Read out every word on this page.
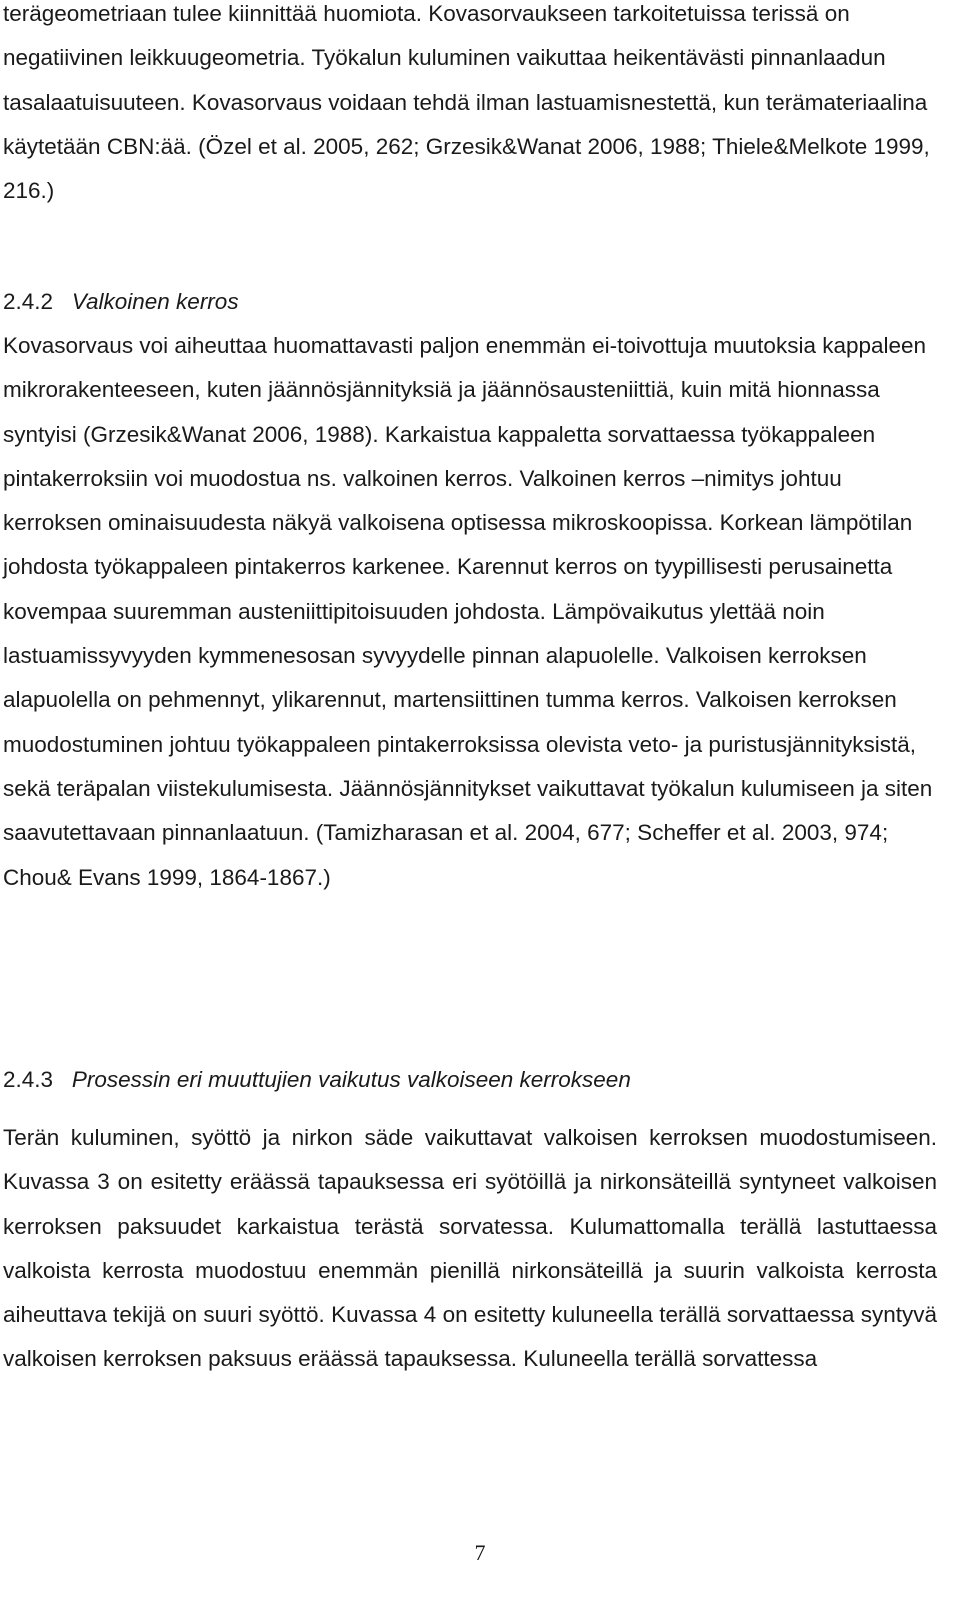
terägeometriaan tulee kiinnittää huomiota. Kovasorvaukseen tarkoitetuissa terissä on negatiivinen leikkuugeometria. Työkalun kuluminen vaikuttaa heikentävästi pinnanlaadun tasalaatuisuuteen. Kovasorvaus voidaan tehdä ilman lastuamisnestettä, kun terämateriaalina käytetään CBN:ää. (Özel et al. 2005, 262; Grzesik&Wanat 2006, 1988; Thiele&Melkote 1999, 216.)

2.4.2 Valkoinen kerros

Kovasorvaus voi aiheuttaa huomattavasti paljon enemmän ei-toivottuja muutoksia kappaleen mikrorakenteeseen, kuten jäännösjännityksiä ja jäännösausteniittiä, kuin mitä hionnassa syntyisi (Grzesik&Wanat 2006, 1988). Karkaistua kappaletta sorvattaessa työkappaleen pintakerroksiin voi muodostua ns. valkoinen kerros. Valkoinen kerros –nimitys johtuu kerroksen ominaisuudesta näkyä valkoisena optisessa mikroskoopissa. Korkean lämpötilan johdosta työkappaleen pintakerros karkenee. Karennut kerros on tyypillisesti perusainetta kovempaa suuremman austeniittipitoisuuden johdosta. Lämpövaikutus ylettää noin lastuamissyvyyden kymmenesosan syvyydelle pinnan alapuolelle. Valkoisen kerroksen alapuolella on pehmennyt, ylikarennut, martensiittinen tumma kerros. Valkoisen kerroksen muodostuminen johtuu työkappaleen pintakerroksissa olevista veto- ja puristusjännityksistä, sekä teräpalan viistekulumisesta. Jäännösjännitykset vaikuttavat työkalun kulumiseen ja siten saavutettavaan pinnanlaatuun. (Tamizharasan et al. 2004, 677; Scheffer et al. 2003, 974; Chou& Evans 1999, 1864-1867.)

2.4.3 Prosessin eri muuttujien vaikutus valkoiseen kerrokseen

Terän kuluminen, syöttö ja nirkon säde vaikuttavat valkoisen kerroksen muodostumiseen. Kuvassa 3 on esitetty eräässä tapauksessa eri syötöillä ja nirkonsäteillä syntyneet valkoisen kerroksen paksuudet karkaistua terästä sorvatessa. Kulumattomalla terällä lastuttaessa valkoista kerrosta muodostuu enemmän pienillä nirkonsäteillä ja suurin valkoista kerrosta aiheuttava tekijä on suuri syöttö. Kuvassa 4 on esitetty kuluneella terällä sorvattaessa syntyvä valkoisen kerroksen paksuus eräässä tapauksessa. Kuluneella terällä sorvattessa

7
